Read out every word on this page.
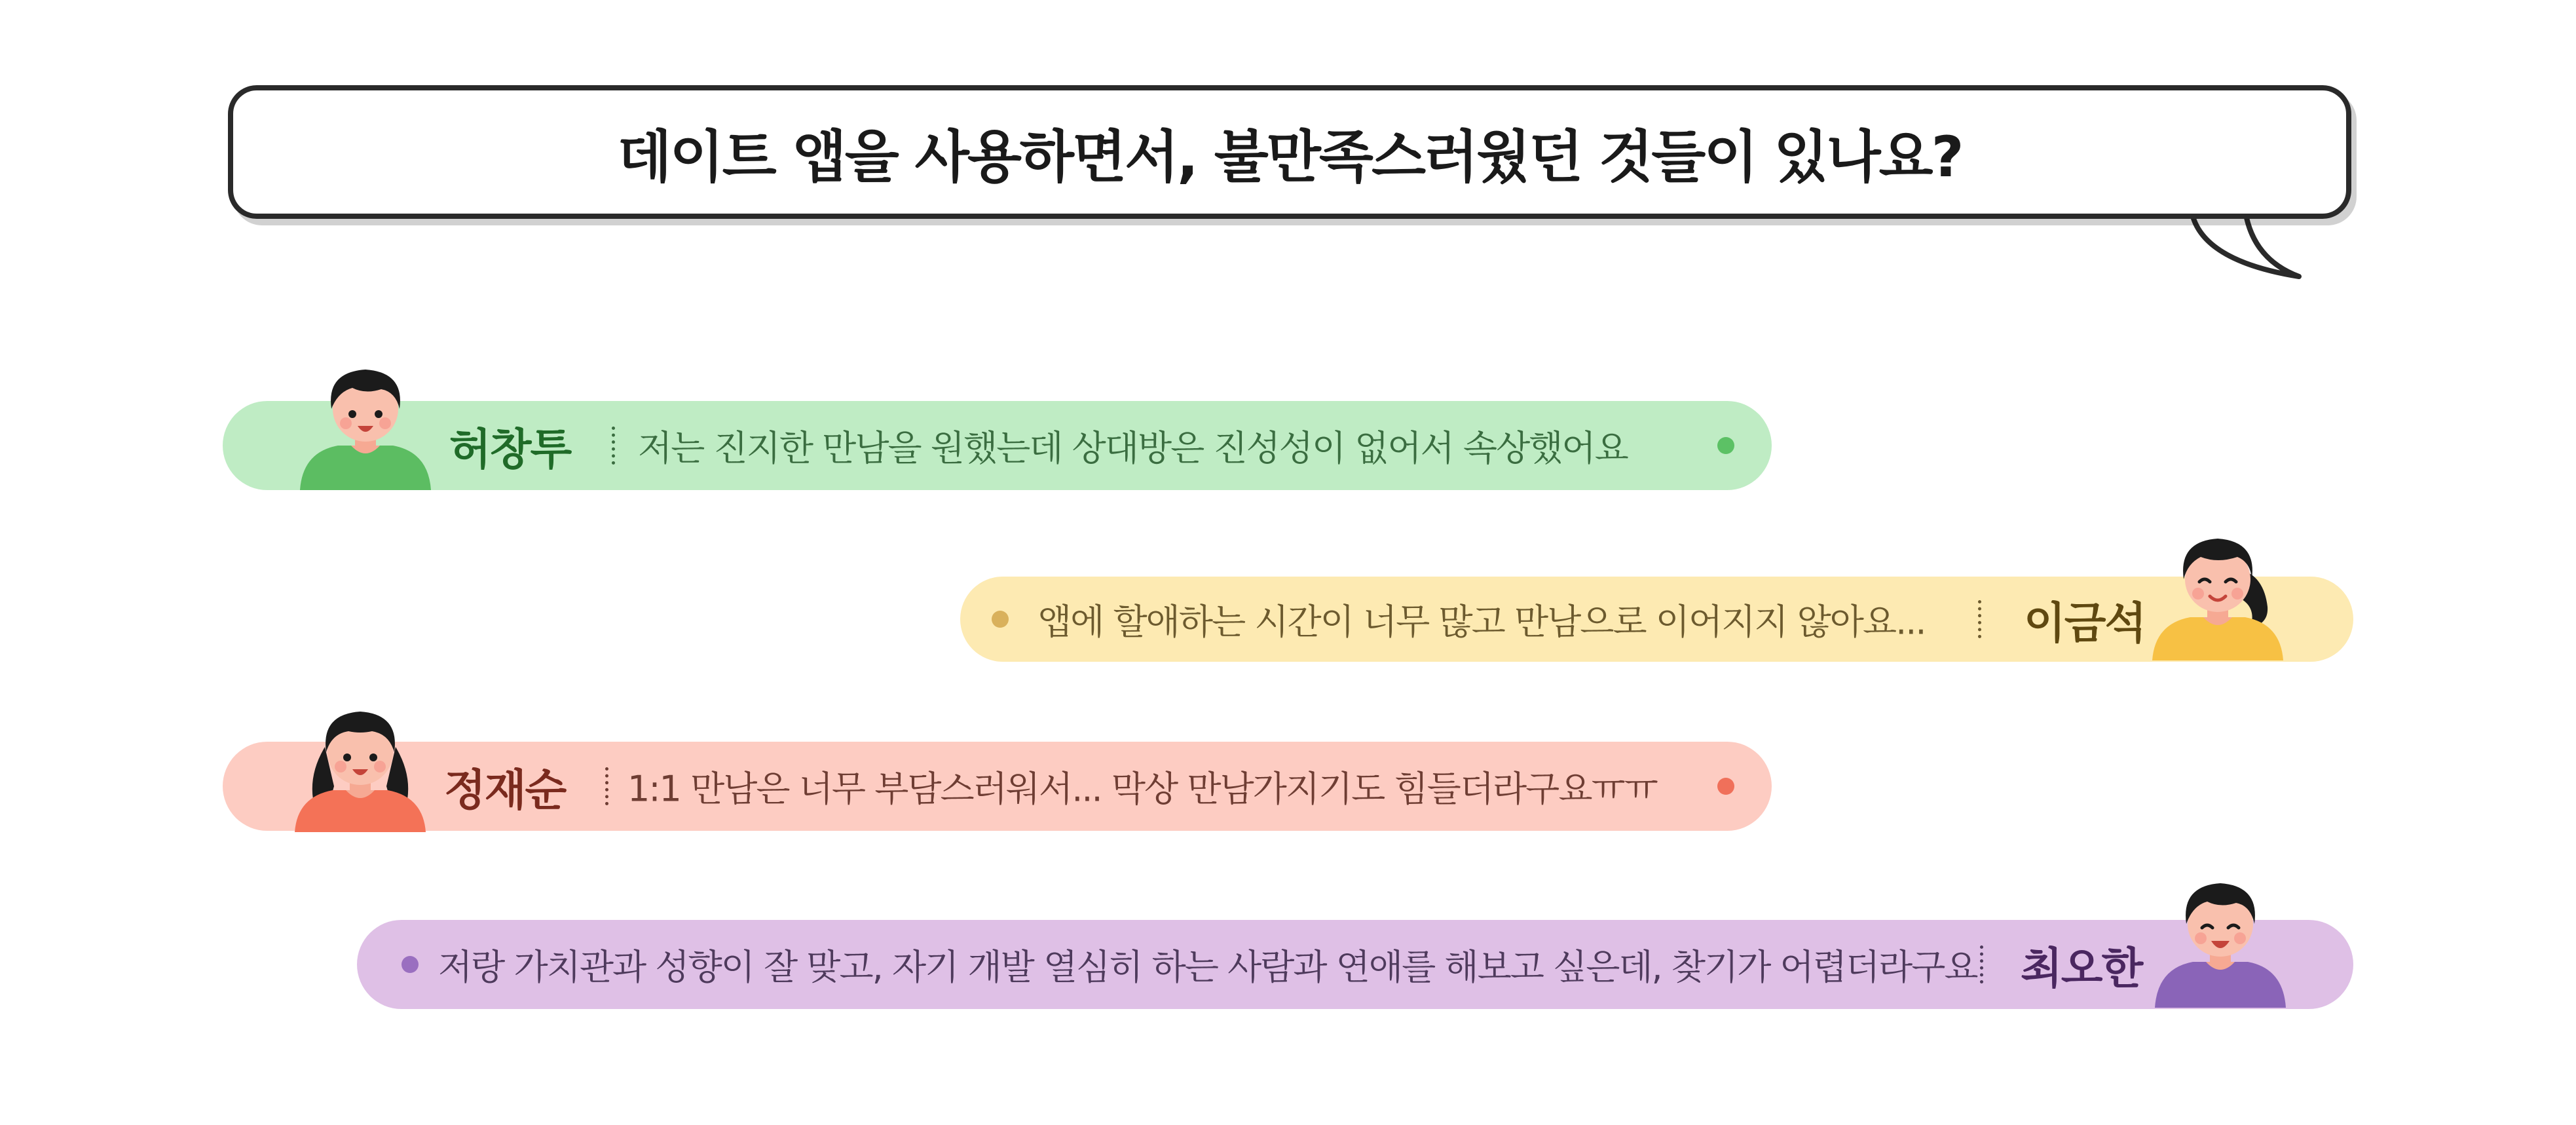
데이트 앱을 사용하면서, 불만족스러웠던 것들이 있나요?
허창투 저는 진지한 만남을 원했는데 상대방은 진성성이 없어서 속상했어요
앱에 할애하는 시간이 너무 많고 만남으로 이어지지 않아요... 이금석
정재순 1:1 만남은 너무 부담스러워서... 막상 만남가지기도 힘들더라구요ㅠㅠ
저랑 가치관과 성향이 잘 맞고, 자기 개발 열심히 하는 사람과 연애를 해보고 싶은데, 찾기가 어렵더라구요 최오한
